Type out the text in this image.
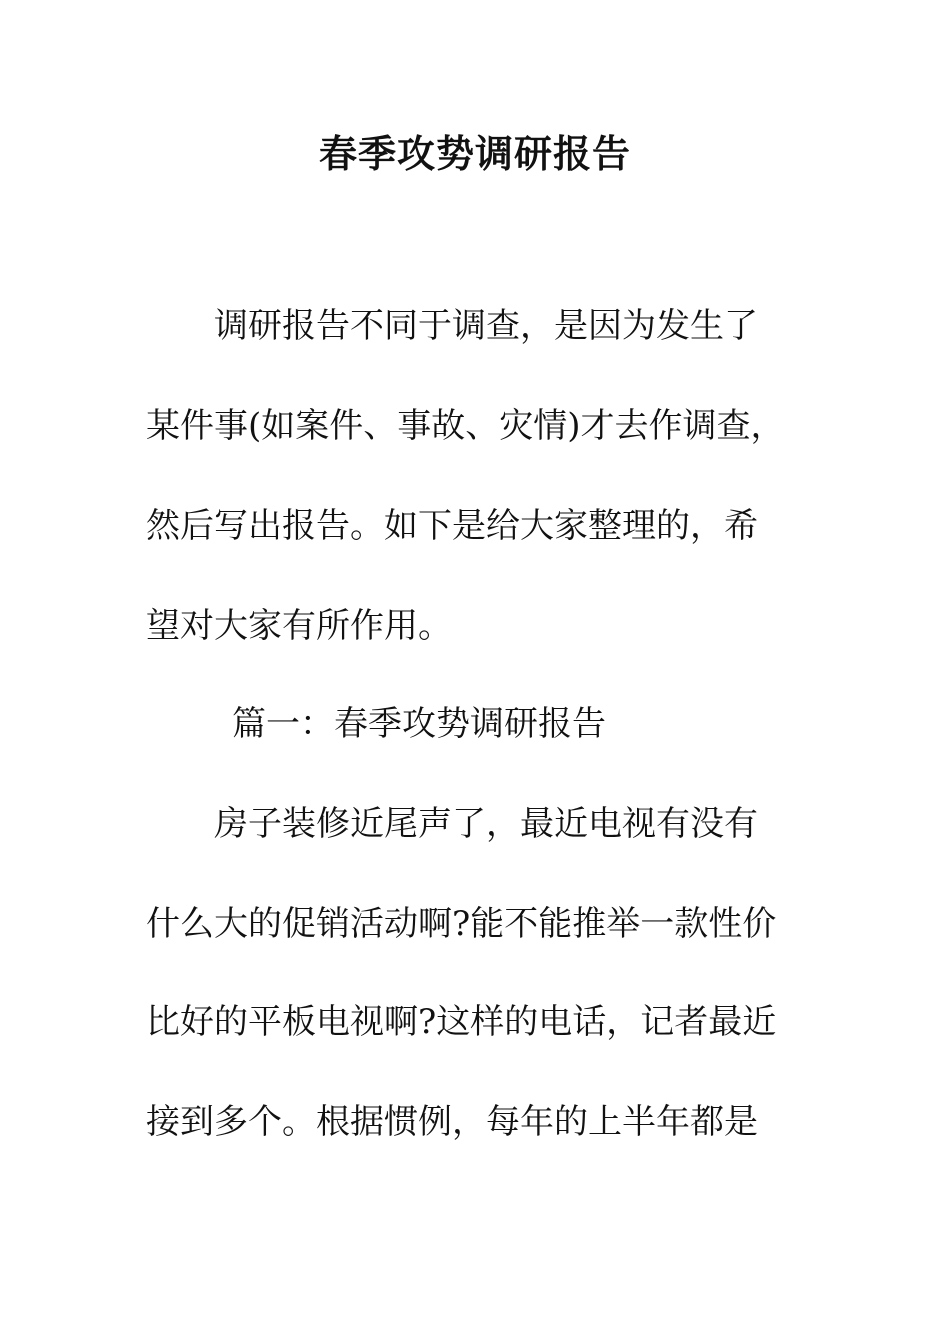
春季攻势调研报告
调研报告不同于调查，是因为发生了
某件事(如案件、事故、灾情)才去作调查，
然后写出报告。如下是给大家整理的，希
望对大家有所作用。
篇一：春季攻势调研报告
房子装修近尾声了，最近电视有没有
什么大的促销活动啊?能不能推举一款性价
比好的平板电视啊?这样的电话，记者最近
接到多个。根据惯例，每年的上半年都是
